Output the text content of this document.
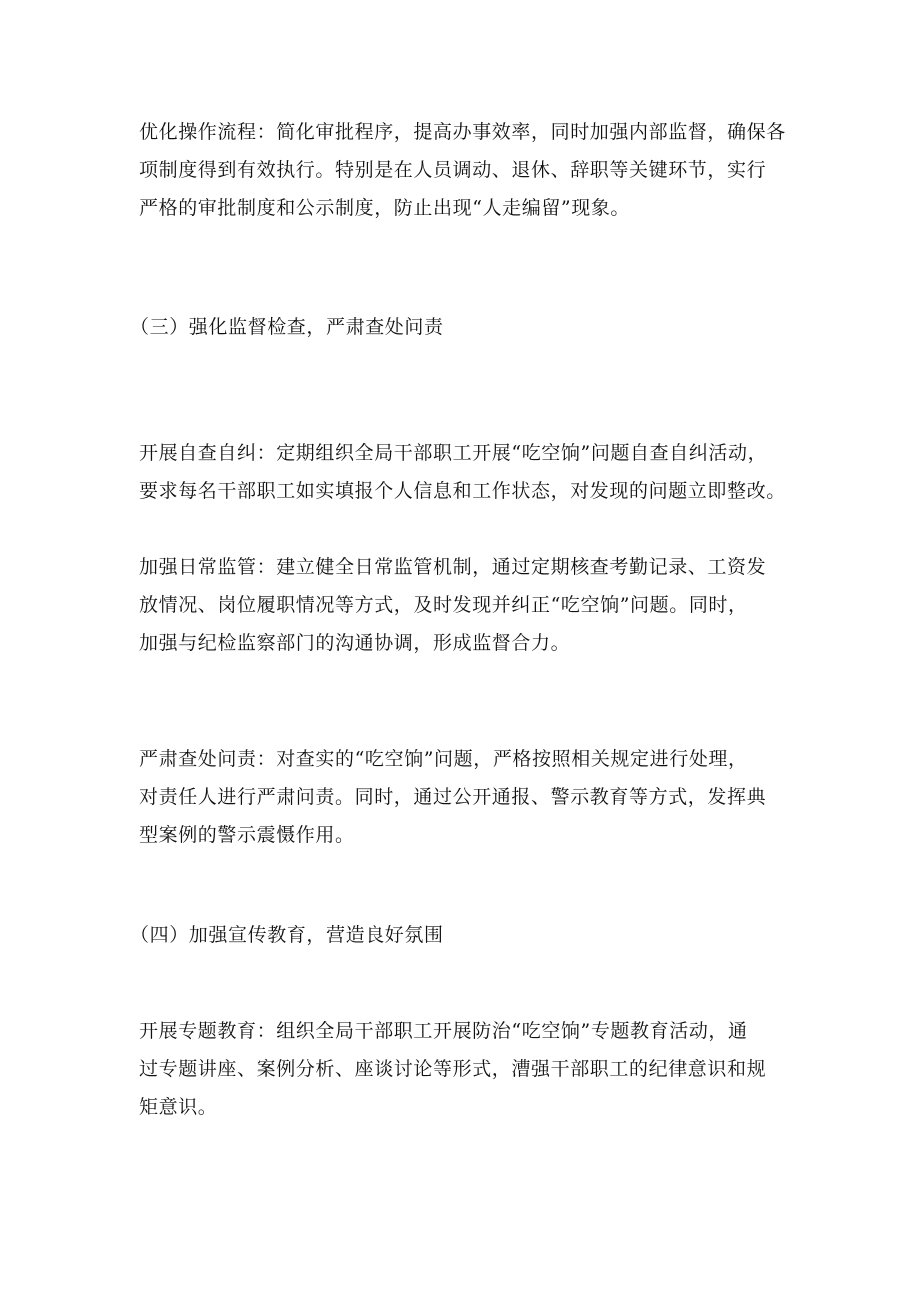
优化操作流程：简化审批程序，提高办事效率，同时加强内部监督，确保各
项制度得到有效执行。特别是在人员调动、退休、辞职等关键环节，实行
严格的审批制度和公示制度，防止出现“人走编留”现象。
（三）强化监督检查，严肃查处问责
开展自查自纠：定期组织全局干部职工开展“吃空饷”问题自查自纠活动，
要求每名干部职工如实填报个人信息和工作状态，对发现的问题立即整改。
加强日常监管：建立健全日常监管机制，通过定期核查考勤记录、工资发
放情况、岗位履职情况等方式，及时发现并纠正“吃空饷”问题。同时，
加强与纪检监察部门的沟通协调，形成监督合力。
严肃查处问责：对查实的“吃空饷”问题，严格按照相关规定进行处理，
对责任人进行严肃问责。同时，通过公开通报、警示教育等方式，发挥典
型案例的警示震慑作用。
（四）加强宣传教育，营造良好氛围
开展专题教育：组织全局干部职工开展防治“吃空饷”专题教育活动，通
过专题讲座、案例分析、座谈讨论等形式，漕强干部职工的纪律意识和规
矩意识。
